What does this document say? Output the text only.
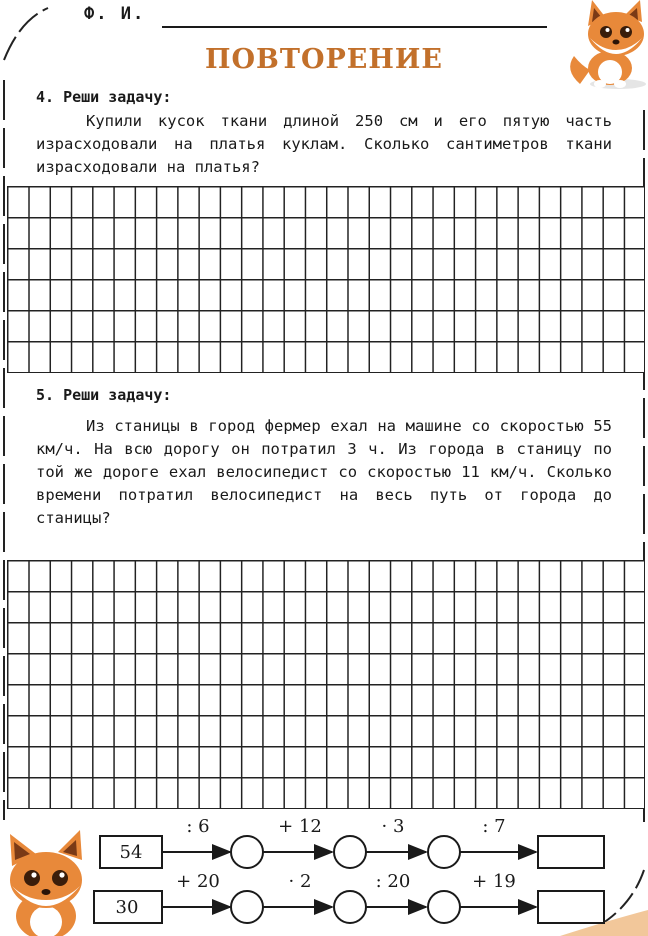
Ф. И.
ПОВТОРЕНИЕ
4. Реши задачу:
Купили кусок ткани длиной 250 см и его пятую часть израсходовали на платья куклам. Сколько сантиметров ткани израсходовали на платья?
5. Реши задачу:
Из станицы в город фермер ехал на машине со скоростью 55 км/ч. На всю дорогу он потратил 3 ч. Из города в станицу по той же дороге ехал велосипедист со скоростью 11 км/ч. Сколько времени потратил велосипедист на весь путь от города до станицы?
54
: 6	+ 12	· 3	: 7
30
+ 20	· 2	: 20	+ 19
